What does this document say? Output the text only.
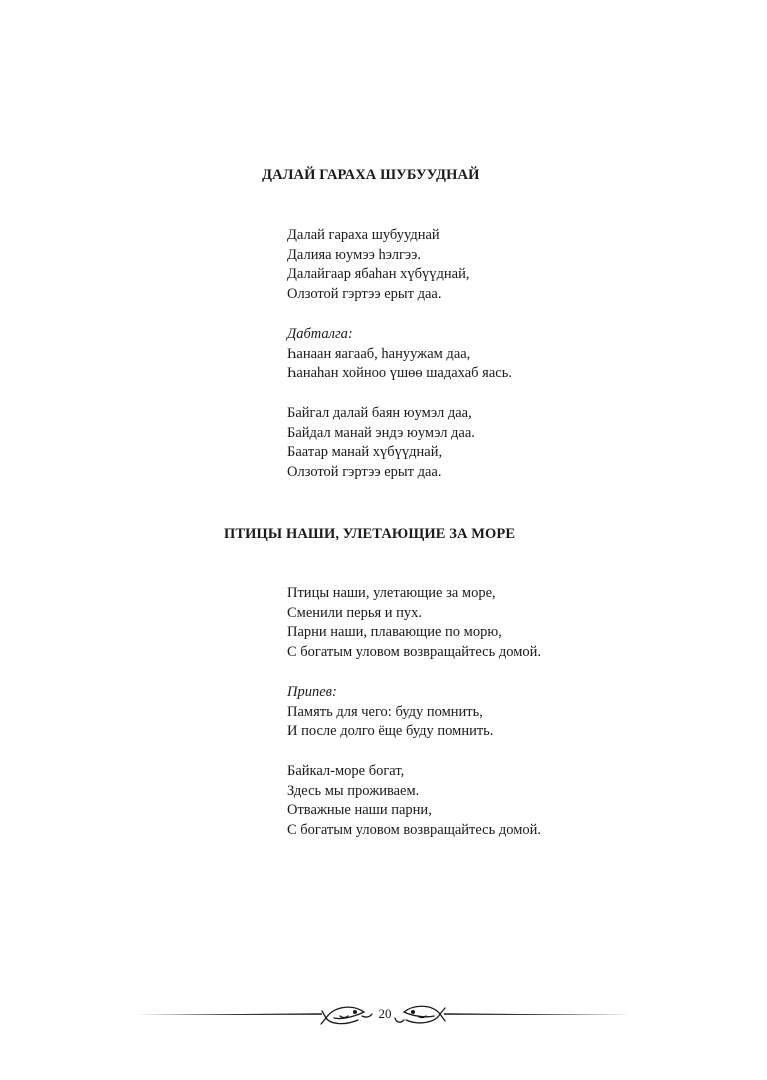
ДАЛАЙ ГАРАХА ШУБУУДНАЙ
Далай гараха шубууднай
Далияа юумээ һэлгээ.
Далайгаар ябаһан хүбүүднай,
Олзотой гэртээ ерыт даа.
Дабталга:
Һанаан яагааб, һануужам даа,
Һанаһан хойноо үшөө шадахаб яась.
Байгал далай баян юумэл даа,
Байдал манай эндэ юумэл даа.
Баатар манай хүбүүднай,
Олзотой гэртээ ерыт даа.
ПТИЦЫ НАШИ, УЛЕТАЮЩИЕ ЗА МОРЕ
Птицы наши, улетающие за море,
Сменили перья и пух.
Парни наши, плавающие по морю,
С богатым уловом возвращайтесь домой.
Припев:
Память для чего: буду помнить,
И после долго ёще буду помнить.
Байкал-море богат,
Здесь мы проживаем.
Отважные наши парни,
С богатым уловом возвращайтесь домой.
20
